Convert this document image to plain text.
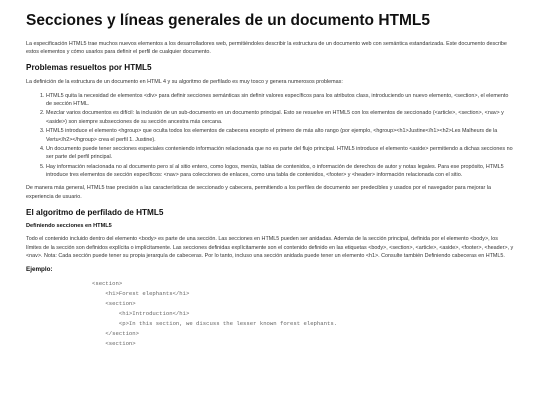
Secciones y líneas generales de un documento HTML5

La especificación HTML5 trae muchos nuevos elementos a los desarrolladores web, permitiéndoles describir la estructura de un documento web con semántica estandarizada. Este documento describe estos elementos y cómo usarlos para definir el perfil de cualquier documento.

Problemas resueltos por HTML5

La definición de la estructura de un documento en HTML 4 y su algoritmo de perfilado es muy tosco y genera numerosos problemas:

1. HTML5 quita la necesidad de elementos <div> para definir secciones semánticas sin definir valores específicos para los atributos class, introduciendo un nuevo elemento, <section>, el elemento de sección HTML.
2. Mezclar varios documentos es difícil: la inclusión de un sub-documento en un documento principal. Esto se resuelve en HTML5 con los elementos de seccionado (<article>, <section>, <nav> y <aside>) son siempre subsecciones de su sección ancestra más cercana.
3. HTML5 introduce el elemento <hgroup> que oculta todos los elementos de cabecera excepto el primero de más alto rango (por ejemplo, <hgroup><h1>Justine</h1><h2>Les Malheurs de la Vertu</h2></hgroup> crea el perfil 1. Justine).
4. Un documento puede tener secciones especiales conteniendo información relacionada que no es parte del flujo principal. HTML5 introduce el elemento <aside> permitiendo a dichas secciones no ser parte del perfil principal.
5. Hay información relacionada no al documento pero sí al sitio entero, como logos, menús, tablas de contenidos, o información de derechos de autor y notas legales. Para ese propósito, HTML5 introduce tres elementos de sección específicos: <nav> para colecciones de enlaces, como una tabla de contenidos, <footer> y <header> información relacionada con el sitio.

De manera más general, HTML5 trae precisión a las características de seccionado y cabecera, permitiendo a los perfiles de documento ser predecibles y usados por el navegador para mejorar la experiencia de usuario.

El algoritmo de perfilado de HTML5
Definiendo secciones en HTML5

Todo el contenido incluido dentro del elemento <body> es parte de una sección. Las secciones en HTML5 pueden ser anidadas. Además de la sección principal, definida por el elemento <body>, los límites de la sección son definidos explícita o implícitamente. Las secciones definidas explícitamente son el contenido definido en las etiquetas <body>, <section>, <article>, <aside>, <footer>, <header>, y <nav>. Nota: Cada sección puede tener su propia jerarquía de cabeceras. Por lo tanto, incluso una sección anidada puede tener un elemento <h1>. Consulte también Definiendo cabeceras en HTML5.

Ejemplo:
<section>
<h1>Forest elephants</h1>
<section>
<h1>Introduction</h1>
<p>In this section, we discuss the lesser known forest elephants.
</section>
<section>
